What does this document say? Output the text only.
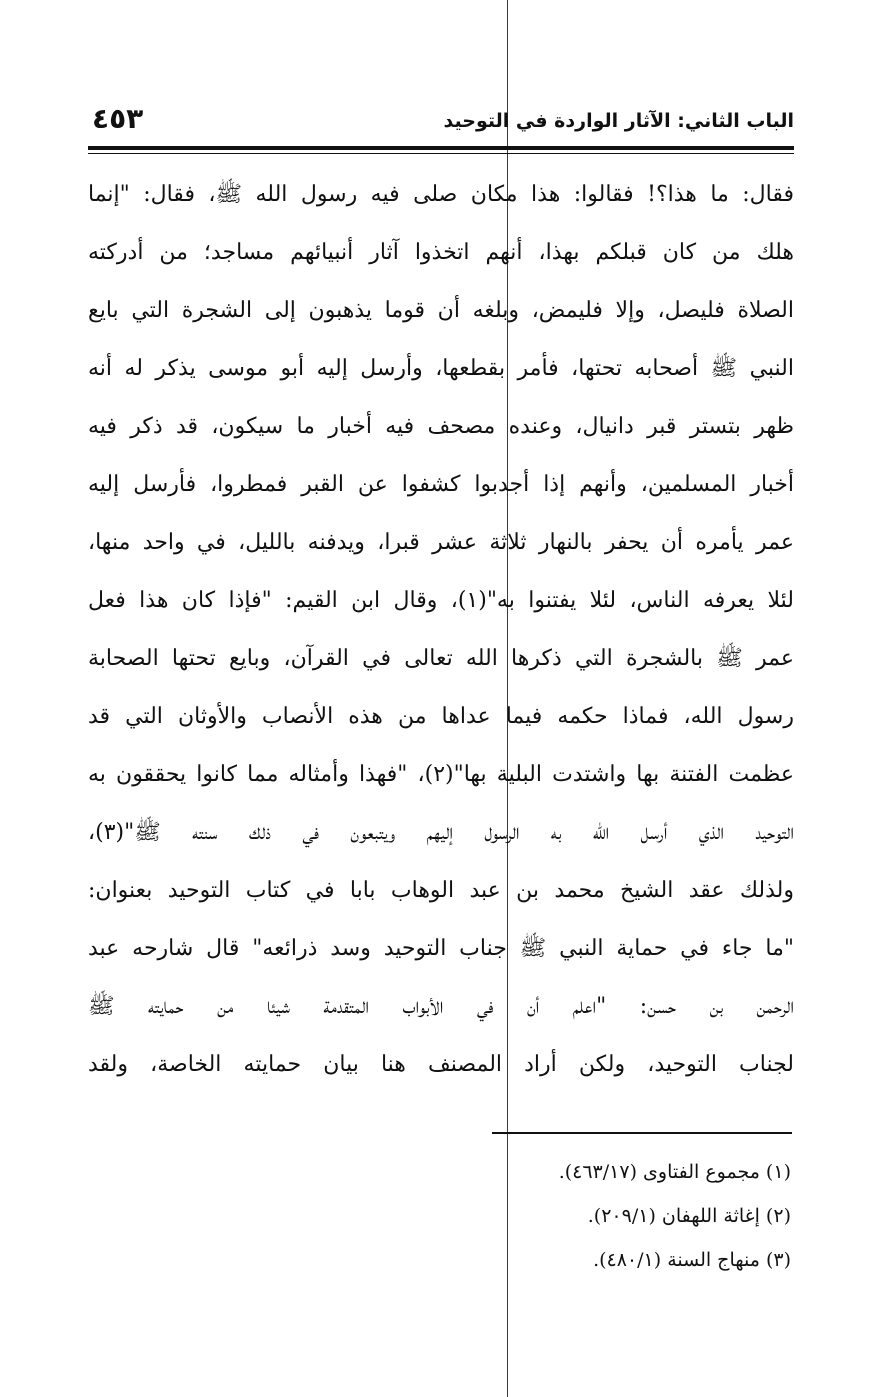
الباب الثاني: الآثار الواردة في التوحيد
٤٥٣
فقال: ما هذا؟! فقالوا: هذا مكان صلى فيه رسول الله ﷺ، فقال: "إنما
هلك من كان قبلكم بهذا، أنهم اتخذوا آثار أنبيائهم مساجد؛ من أدركته
الصلاة فليصل، وإلا فليمض، وبلغه أن قوما يذهبون إلى الشجرة التي بايع
النبي ﷺ أصحابه تحتها، فأمر بقطعها، وأرسل إليه أبو موسى يذكر له أنه
ظهر بتستر قبر دانيال، وعنده مصحف فيه أخبار ما سيكون، قد ذكر فيه
أخبار المسلمين، وأنهم إذا أجدبوا كشفوا عن القبر فمطروا، فأرسل إليه
عمر يأمره أن يحفر بالنهار ثلاثة عشر قبرا، ويدفنه بالليل، في واحد منها،
لئلا يعرفه الناس، لئلا يفتنوا به"(١)، وقال ابن القيم: "فإذا كان هذا فعل
عمر ﷺ بالشجرة التي ذكرها الله تعالى في القرآن، وبايع تحتها الصحابة
رسول الله، فماذا حكمه فيما عداها من هذه الأنصاب والأوثان التي قد
عظمت الفتنة بها واشتدت البلية بها"(٢)، "فهذا وأمثاله مما كانوا يحققون به
التوحيد الذي أرسل الله به الرسول إليهم ويتبعون في ذلك سنته ﷺ"(٣)،
ولذلك عقد الشيخ محمد بن عبد الوهاب بابا في كتاب التوحيد بعنوان:
"ما جاء في حماية النبي ﷺ جناب التوحيد وسد ذرائعه" قال شارحه عبد
الرحمن بن حسن: "اعلم أن في الأبواب المتقدمة شيئا من حمايته ﷺ
لجناب التوحيد، ولكن أراد المصنف هنا بيان حمايته الخاصة، ولقد
(١) مجموع الفتاوى (٤٦٣/١٧).
(٢) إغاثة اللهفان (٢٠٩/١).
(٣) منهاج السنة (٤٨٠/١).
